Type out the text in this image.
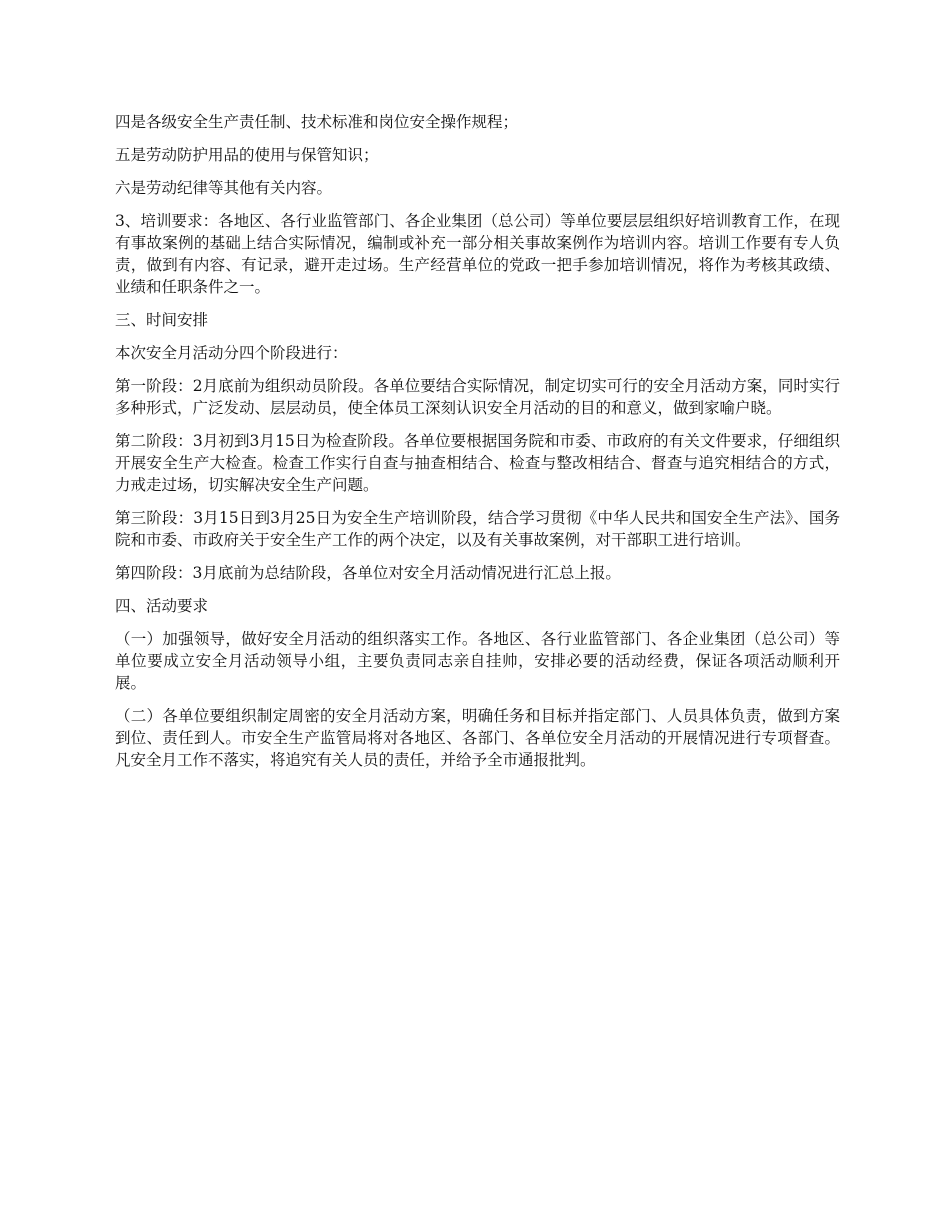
四是各级安全生产责任制、技术标准和岗位安全操作规程；

五是劳动防护用品的使用与保管知识；

六是劳动纪律等其他有关内容。

3、培训要求：各地区、各行业监管部门、各企业集团（总公司）等单位要层层组织好培训教育工作，在现有事故案例的基础上结合实际情况，编制或补充一部分相关事故案例作为培训内容。培训工作要有专人负责，做到有内容、有记录，避开走过场。生产经营单位的党政一把手参加培训情况，将作为考核其政绩、业绩和任职条件之一。

三、时间安排

本次安全月活动分四个阶段进行：

第一阶段：2月底前为组织动员阶段。各单位要结合实际情况，制定切实可行的安全月活动方案，同时实行多种形式，广泛发动、层层动员，使全体员工深刻认识安全月活动的目的和意义，做到家喻户晓。

第二阶段：3月初到3月15日为检查阶段。各单位要根据国务院和市委、市政府的有关文件要求，仔细组织开展安全生产大检查。检查工作实行自查与抽查相结合、检查与整改相结合、督查与追究相结合的方式，力戒走过场，切实解决安全生产问题。

第三阶段：3月15日到3月25日为安全生产培训阶段，结合学习贯彻《中华人民共和国安全生产法》、国务院和市委、市政府关于安全生产工作的两个决定，以及有关事故案例，对干部职工进行培训。

第四阶段：3月底前为总结阶段，各单位对安全月活动情况进行汇总上报。

四、活动要求

（一）加强领导，做好安全月活动的组织落实工作。各地区、各行业监管部门、各企业集团（总公司）等单位要成立安全月活动领导小组，主要负责同志亲自挂帅，安排必要的活动经费，保证各项活动顺利开展。

（二）各单位要组织制定周密的安全月活动方案，明确任务和目标并指定部门、人员具体负责，做到方案到位、责任到人。市安全生产监管局将对各地区、各部门、各单位安全月活动的开展情况进行专项督查。凡安全月工作不落实，将追究有关人员的责任，并给予全市通报批判。
